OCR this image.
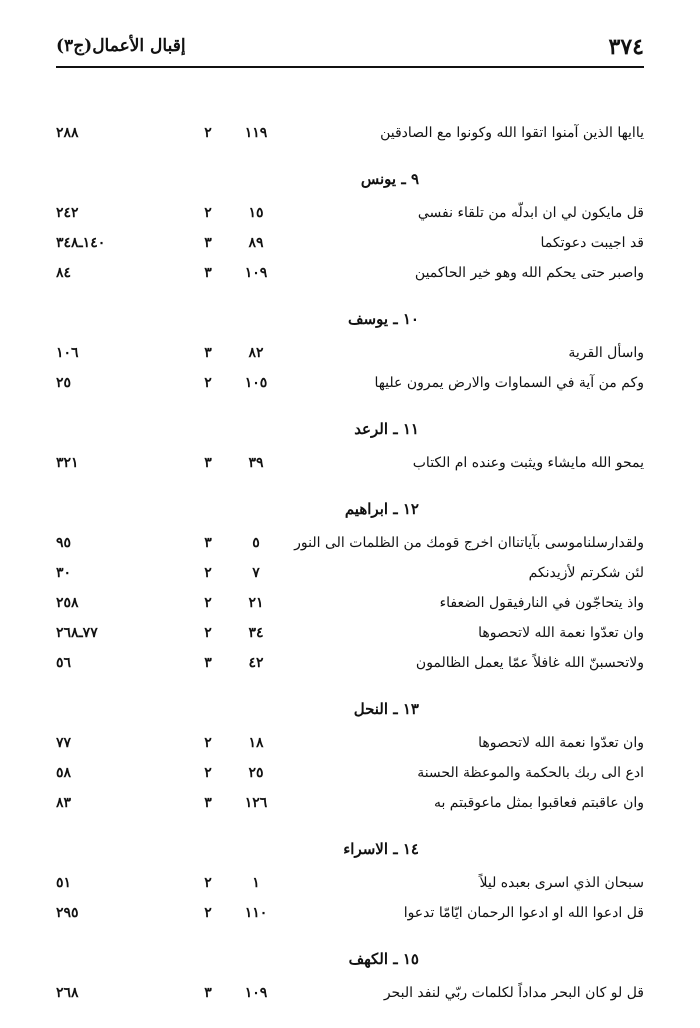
٣٧٤
إقبال الأعمال(ج٣)
ياايها الذين آمنوا اتقوا الله وكونوا مع الصادقين
١١٩
٢
٢٨٨
٩ ـ يونس
قل مايكون لي ان ابدلّه من تلقاء نفسي
١٥
٢
٢٤٢
قد اجيبت دعوتكما
٨٩
٣
١٤٠ـ٣٤٨
واصبر حتى يحكم الله وهو خير الحاكمين
١٠٩
٣
٨٤
١٠ ـ يوسف
واسأل القرية
٨٢
٣
١٠٦
وكم من آية في السماوات والارض يمرون عليها
١٠٥
٢
٢٥
١١ ـ الرعد
يمحو الله مايشاء ويثبت وعنده ام الكتاب
٣٩
٣
٣٢١
١٢ ـ ابراهيم
ولقدارسلناموسى بآياتناان اخرج قومك من الظلمات الى النور
٥
٣
٩٥
لئن شكرتم لأزيدنكم
٧
٢
٣٠
واذ يتحاجّون في النارفيقول الضعفاء
٢١
٢
٢٥٨
وان تعدّوا نعمة الله لاتحصوها
٣٤
٢
٧٧ـ٢٦٨
ولاتحسبنّ الله غافلاً عمّا يعمل الظالمون
٤٢
٣
٥٦
١٣ ـ النحل
وان تعدّوا نعمة الله لاتحصوها
١٨
٢
٧٧
ادع الى ربك بالحكمة والموعظة الحسنة
٢٥
٢
٥٨
وان عاقبتم فعاقبوا بمثل ماعوقبتم به
١٢٦
٣
٨٣
١٤ ـ الاسراء
سبحان الذي اسرى بعبده ليلاً
١
٢
٥١
قل ادعوا الله او ادعوا الرحمان ايّامّا تدعوا
١١٠
٢
٢٩٥
١٥ ـ الكهف
قل لو كان البحر مداداً لكلمات ربّي لنفد البحر
١٠٩
٣
٢٦٨
